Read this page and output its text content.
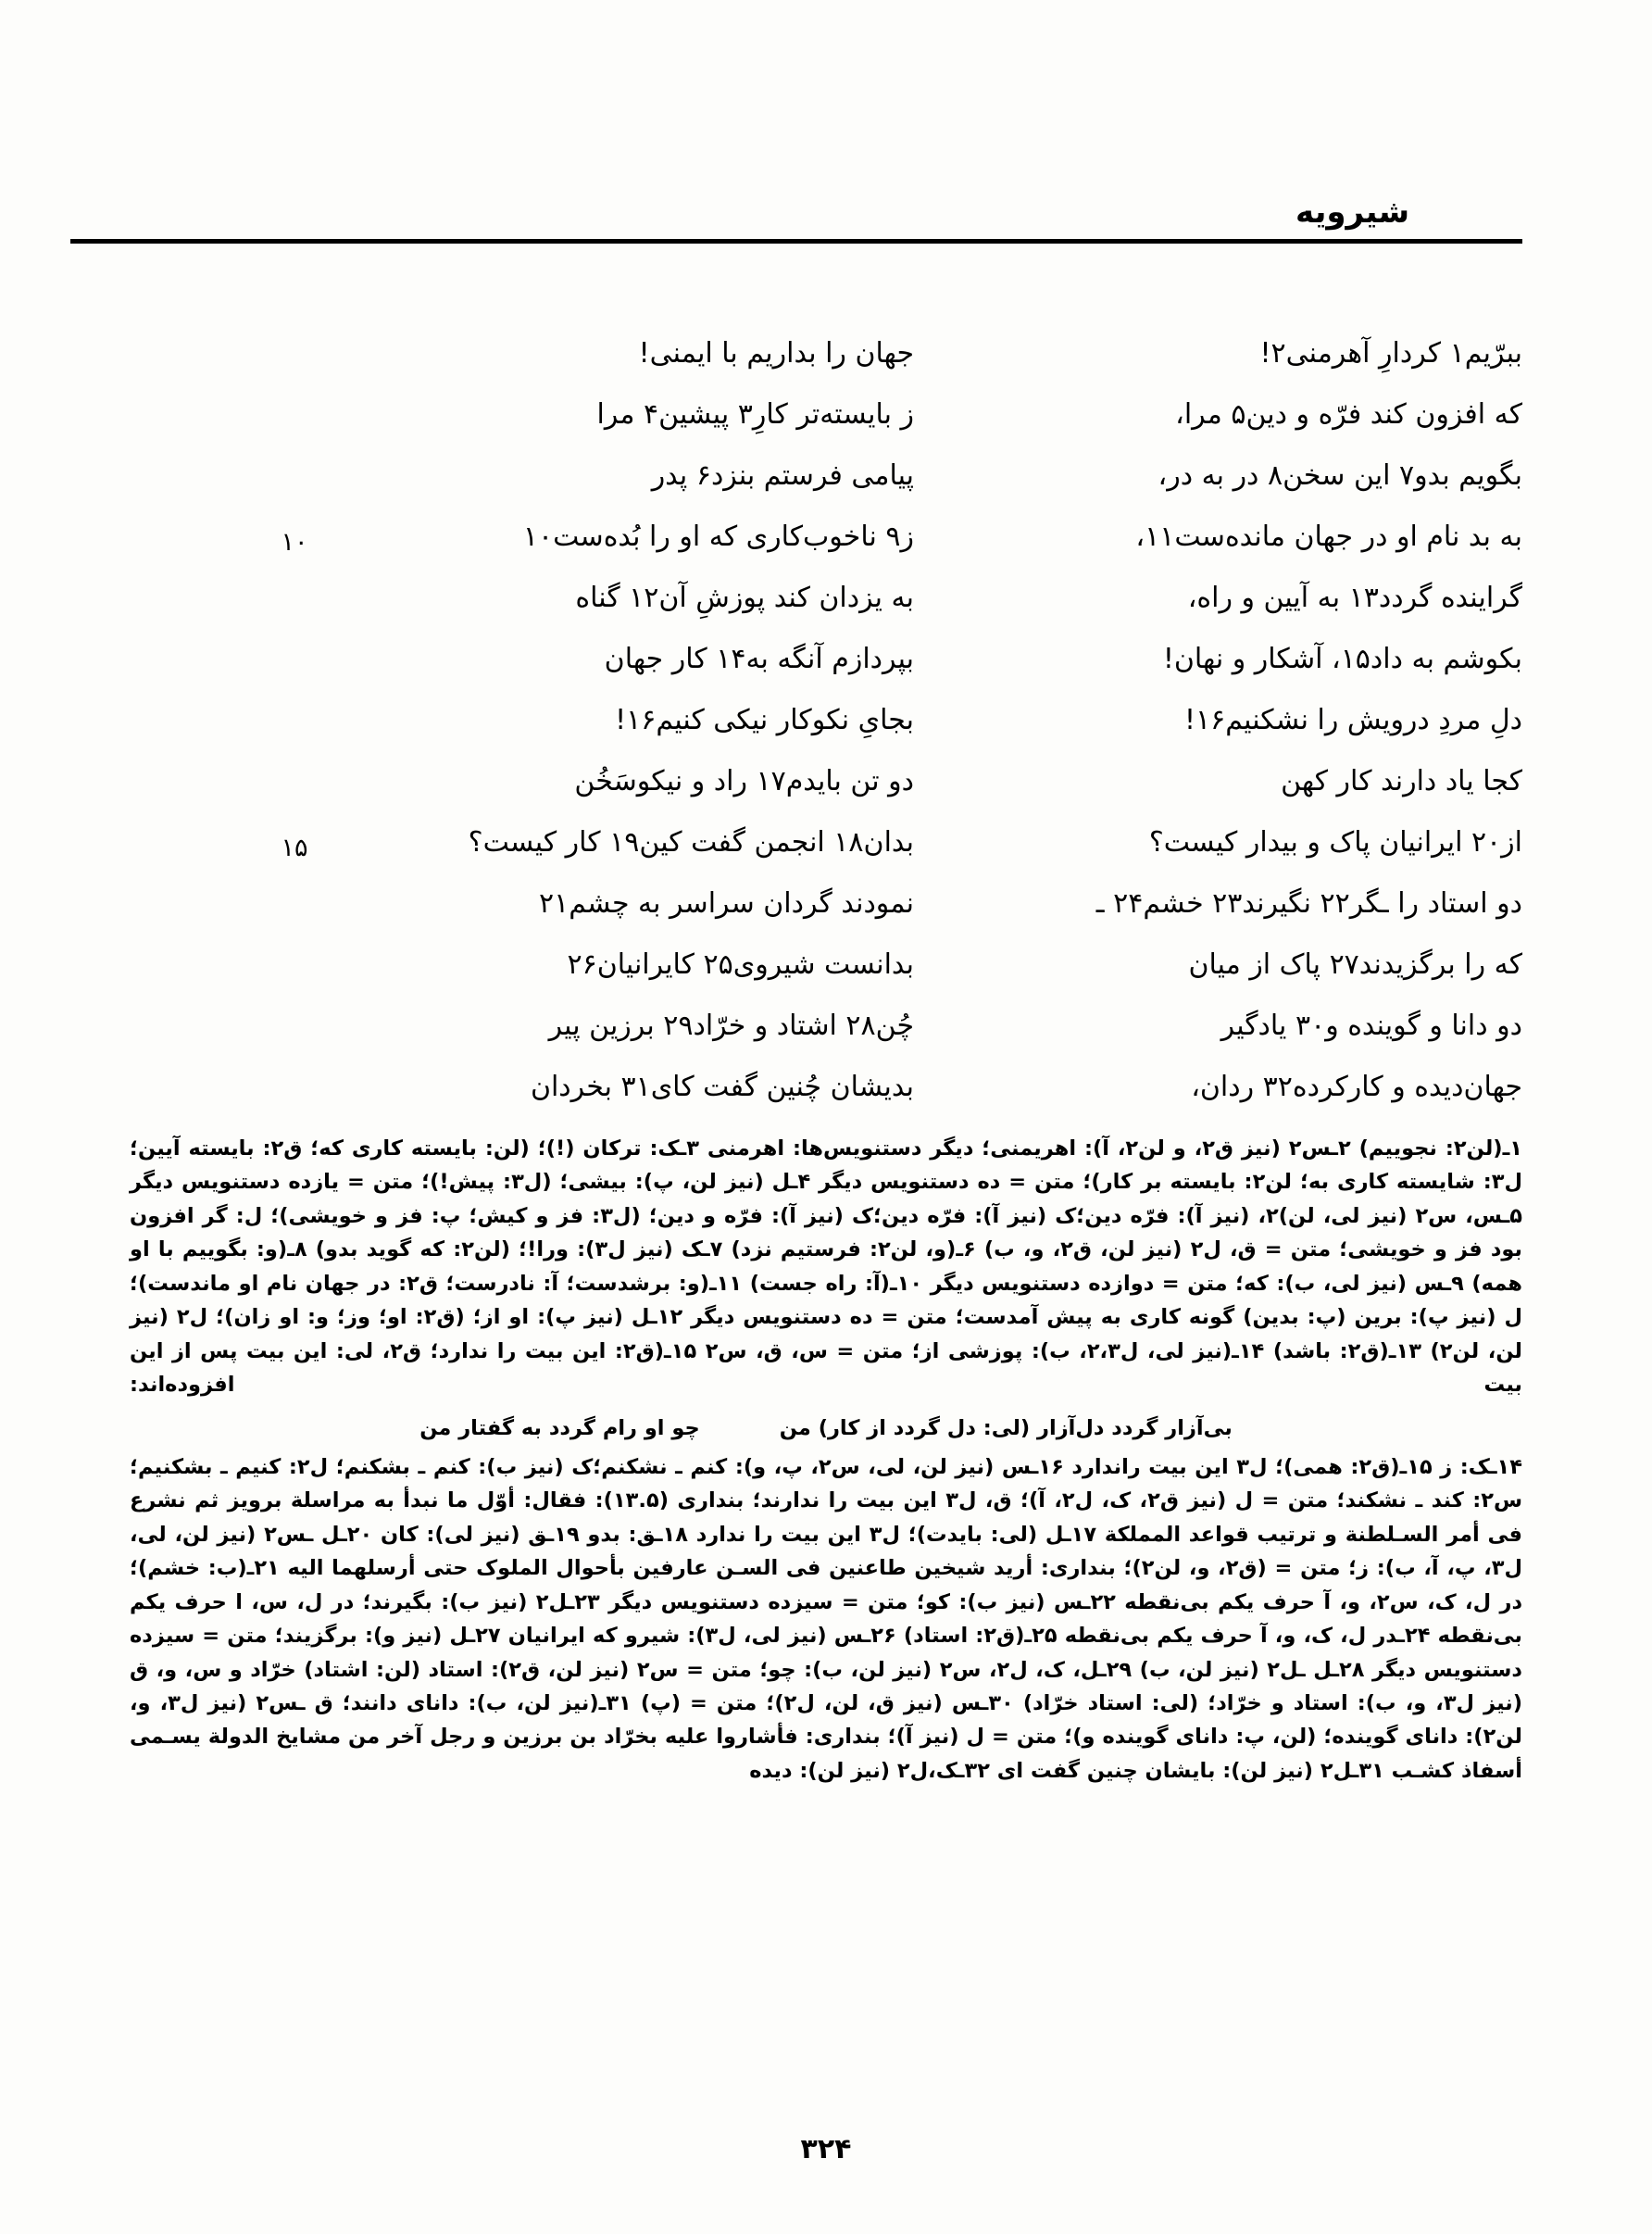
شیرویه
ببرّیم۱ کردارِ آهرمنی۲!
جهان را بداریم با ایمنی!
که افزون کند فرّه و دین۵ مرا،
ز بایسته‌تر کارِ۳ پیشین۴ مرا
بگویم بدو۷ این سخن۸ در به در،
پیامی فرستم بنزد۶ پدر
به بد نام او در جهان مانده‌ست۱۱،
ز۹ ناخوب‌کاری که او را بُده‌ست۱۰
۱۰
گراینده گردد۱۳ به آیین و راه،
به یزدان کند پوزشِ آن۱۲ گناه
بکوشم به داد۱۵، آشکار و نهان!
بپردازم آنگه به۱۴ کار جهان
دلِ مردِ درویش را نشکنیم۱۶!
بجایِ نکوکار نیکی کنیم۱۶!
کجا یاد دارند کار کهن
دو تن بایدم۱۷ راد و نیکوسَخُن
از۲۰ ایرانیان پاک و بیدار کیست؟
بدان۱۸ انجمن گفت کین۱۹ کار کیست؟
۱۵
دو استاد را ـگر۲۲ نگیرند۲۳ خشم۲۴ ـ
نمودند گردان سراسر به چشم۲۱
که را برگزیدند۲۷ پاک از میان
بدانست شیروی۲۵ کایرانیان۲۶
دو دانا و گوینده و۳۰ یادگیر
چُن۲۸ اشتاد و خرّاد۲۹ برزین پیر
جهان‌دیده و کارکرده۳۲ ردان،
بدیشان چُنین گفت کای۳۱ بخردان

۱ـ(لن۲: نجوییم) ۲ـس۲ (نیز ق۲، و لن۲، آ): اهریمنی؛ دیگر دستنویس‌ها: اهرمنی ۳ـک: ترکان (!)؛ (لن: بایسته کاری که؛ ق۲: بایسته آیین؛ ل۳: شایسته کاری به؛ لن۲: بایسته بر کار)؛ متن = ده دستنویس دیگر ۴ـل (نیز لن، پ): بیشی؛ (ل۳: پیش!)؛ متن = یازده دستنویس دیگر ۵ـس، س۲ (نیز لی، لن)۲، (نیز آ): فرّه دین؛ک (نیز آ): فرّه دین؛ک (نیز آ): فرّه و دین؛ (ل۳: فز و کیش؛ پ: فز و خویشی)؛ ل: گر افزون بود فز و خویشی؛ متن = ق، ل۲ (نیز لن، ق۲، و، ب) ۶ـ(و، لن۲: فرستیم نزد) ۷ـک (نیز ل۳): ورا!؛ (لن۲: که گوید بدو) ۸ـ(و: بگوییم با او همه) ۹ـس (نیز لی، ب): که؛ متن = دوازده دستنویس دیگر ۱۰ـ(آ: راه جست) ۱۱ـ(و: برشدست؛ آ: نادرست؛ ق۲: در جهان نام او ماندست)؛ ل (نیز پ): برین (پ: بدین) گونه کاری به پیش آمدست؛ متن = ده دستنویس دیگر ۱۲ـل (نیز پ): او از؛ (ق۲: او؛ وز؛ و: او زان)؛ ل۲ (نیز لن، لن۲) ۱۳ـ(ق۲: باشد) ۱۴ـ(نیز لی، ل۲،۳، ب): پوزشی از؛ متن = س، ق، س۲ ۱۵ـ(ق۲: این بیت را ندارد؛ ق۲، لی: این بیت پس از این بیت افزوده‌اند:

بی‌آزار گردد دل‌آزار (لی: دل گردد از کار) من
چو او رام گردد به گفتار من

۱۴ـک: ز ۱۵ـ(ق۲: همی)؛ ل۳ این بیت راندارد ۱۶ـس (نیز لن، لی، س۲، پ، و): کنم ـ نشکنم؛ک (نیز ب): کنم ـ بشکنم؛ ل۲: کنیم ـ بشکنیم؛ س۲: کند ـ نشکند؛ متن = ل (نیز ق۲، ک، ل۲، آ)؛ ق، ل۳ این بیت را ندارند؛ بنداری (۱۳.۵): فقال: أوّل ما نبدأ به مراسلة برویز ثم نشرع فی أمر السـلطنة و ترتیب قواعد المملکة ۱۷ـل (لی: بایدت)؛ ل۳ این بیت را ندارد ۱۸ـق: بدو ۱۹ـق (نیز لی): کان ۲۰ـل ـس۲ (نیز لن، لی، ل۳، پ، آ، ب): ز؛ متن = (ق۲، و، لن۲)؛ بنداری: أرید شیخین طاعنین فی السـن عارفین بأحوال الملوک حتی أرسلهما الیه ۲۱ـ(ب: خشم)؛ در ل، ک، س۲، و، آ حرف یکم بی‌نقطه ۲۲ـس (نیز ب): کو؛ متن = سیزده دستنویس دیگر ۲۳ـل۲ (نیز ب): بگیرند؛ در ل، س، ا حرف یکم بی‌نقطه ۲۴ـدر ل، ک، و، آ حرف یکم بی‌نقطه ۲۵ـ(ق۲: استاد) ۲۶ـس (نیز لی، ل۳): شیرو که ایرانیان ۲۷ـل (نیز و): برگزیند؛ متن = سیزده دستنویس دیگر ۲۸ـل ـل۲ (نیز لن، ب) ۲۹ـل، ک، ل۲، س۲ (نیز لن، ب): چو؛ متن = س۲ (نیز لن، ق۲): استاد (لن: اشتاد) خرّاد و س، و، ق (نیز ل۳، و، ب): استاد و خرّاد؛ (لی: استاد خرّاد) ۳۰ـس (نیز ق، لن، ل۲)؛ متن = (پ) ۳۱ـ(نیز لن، ب): دانای دانند؛ ق ـس۲ (نیز ل۳، و، لن۲): دانای گوینده؛ (لن، پ: دانای گوینده و)؛ متن = ل (نیز آ)؛ بنداری: فأشاروا علیه بخرّاد بن برزین و رجل آخر من مشایخ الدولة یسـمی أسفاذ کشـب ۳۱ـل۲ (نیز لن): بایشان چنین گفت ای ۳۲ـک،ل۲ (نیز لن): دیده

۳۲۴
